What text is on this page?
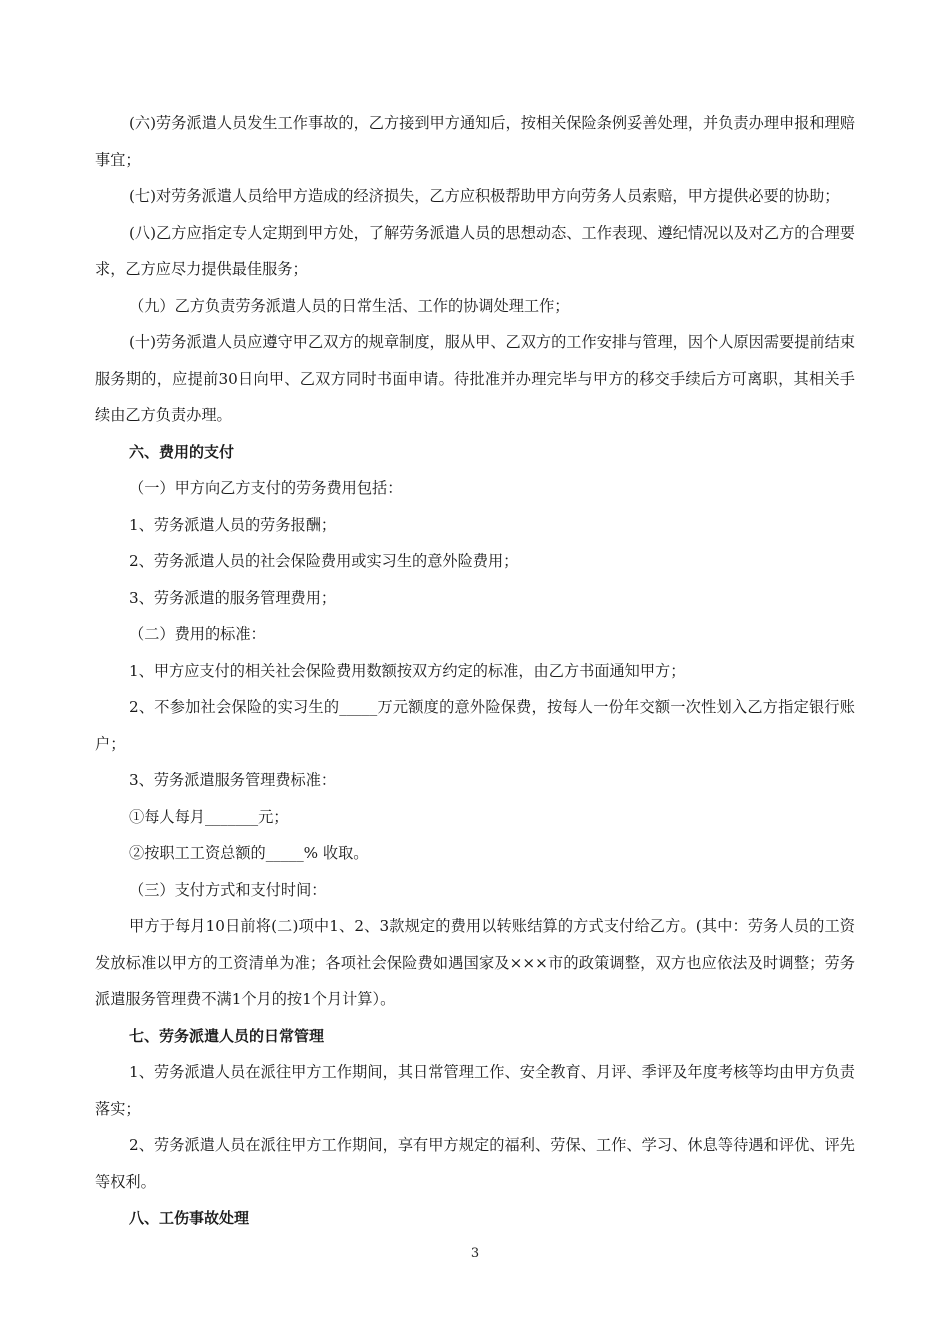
(六)劳务派遣人员发生工作事故的，乙方接到甲方通知后，按相关保险条例妥善处理，并负责办理申报和理赔事宜；

(七)对劳务派遣人员给甲方造成的经济损失，乙方应积极帮助甲方向劳务人员索赔，甲方提供必要的协助；

(八)乙方应指定专人定期到甲方处，了解劳务派遣人员的思想动态、工作表现、遵纪情况以及对乙方的合理要求，乙方应尽力提供最佳服务；

（九）乙方负责劳务派遣人员的日常生活、工作的协调处理工作；

(十)劳务派遣人员应遵守甲乙双方的规章制度，服从甲、乙双方的工作安排与管理，因个人原因需要提前结束服务期的，应提前30日向甲、乙双方同时书面申请。待批准并办理完毕与甲方的移交手续后方可离职，其相关手续由乙方负责办理。

六、费用的支付

（一）甲方向乙方支付的劳务费用包括：

1、劳务派遣人员的劳务报酬；

2、劳务派遣人员的社会保险费用或实习生的意外险费用；

3、劳务派遣的服务管理费用；

（二）费用的标准：

1、甲方应支付的相关社会保险费用数额按双方约定的标准，由乙方书面通知甲方；

2、不参加社会保险的实习生的_____万元额度的意外险保费，按每人一份年交额一次性划入乙方指定银行账户；

3、劳务派遣服务管理费标准：

①每人每月_______元；

②按职工工资总额的_____% 收取。

（三）支付方式和支付时间：

甲方于每月10日前将(二)项中1、2、3款规定的费用以转账结算的方式支付给乙方。(其中：劳务人员的工资发放标准以甲方的工资清单为准；各项社会保险费如遇国家及×××市的政策调整，双方也应依法及时调整；劳务派遣服务管理费不满1个月的按1个月计算）。

七、劳务派遣人员的日常管理

1、劳务派遣人员在派往甲方工作期间，其日常管理工作、安全教育、月评、季评及年度考核等均由甲方负责落实；

2、劳务派遣人员在派往甲方工作期间，享有甲方规定的福利、劳保、工作、学习、休息等待遇和评优、评先等权利。

八、工伤事故处理

3
